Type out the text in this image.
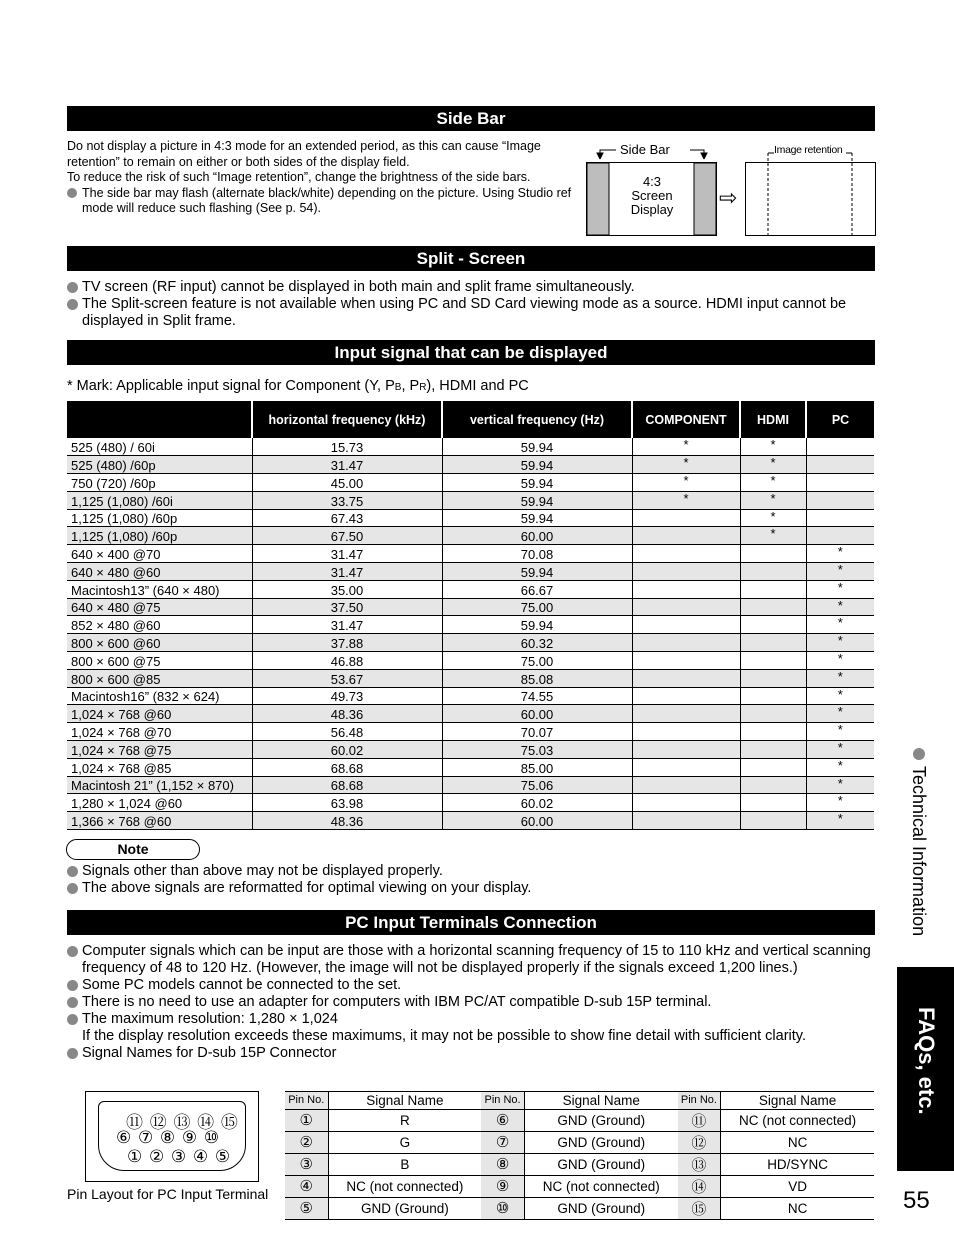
Side Bar
Do not display a picture in 4:3 mode for an extended period, as this can cause “Image retention” to remain on either or both sides of the display field.
To reduce the risk of such “Image retention”, change the brightness of the side bars.
The side bar may flash (alternate black/white) depending on the picture. Using Studio ref mode will reduce such flashing (See p. 54).
Side Bar
4:3
Screen
Display	⇨
Image retention
Split - Screen
TV screen (RF input) cannot be displayed in both main and split frame simultaneously.
The Split-screen feature is not available when using PC and SD Card viewing mode as a source. HDMI input cannot be displayed in Split frame.
Input signal that can be displayed
* Mark: Applicable input signal for Component (Y, PB, PR), HDMI and PC
	horizontal frequency (kHz)	vertical frequency (Hz)	COMPONENT	HDMI	PC
525 (480) / 60i	15.73	59.94	*	*	
525 (480) /60p	31.47	59.94	*	*	
750 (720) /60p	45.00	59.94	*	*	
1,125 (1,080) /60i	33.75	59.94	*	*	
1,125 (1,080) /60p	67.43	59.94		*	
1,125 (1,080) /60p	67.50	60.00		*	
640 × 400 @70	31.47	70.08			*
640 × 480 @60	31.47	59.94			*
Macintosh13” (640 × 480)	35.00	66.67			*
640 × 480 @75	37.50	75.00			*
852 × 480 @60	31.47	59.94			*
800 × 600 @60	37.88	60.32			*
800 × 600 @75	46.88	75.00			*
800 × 600 @85	53.67	85.08			*
Macintosh16” (832 × 624)	49.73	74.55			*
1,024 × 768 @60	48.36	60.00			*
1,024 × 768 @70	56.48	70.07			*
1,024 × 768 @75	60.02	75.03			*
1,024 × 768 @85	68.68	85.00			*
Macintosh 21” (1,152 × 870)	68.68	75.06			*
1,280 × 1,024 @60	63.98	60.02			*
1,366 × 768 @60	48.36	60.00			*
Note
Signals other than above may not be displayed properly.
The above signals are reformatted for optimal viewing on your display.
PC Input Terminals Connection
Computer signals which can be input are those with a horizontal scanning frequency of 15 to 110 kHz and vertical scanning frequency of 48 to 120 Hz. (However, the image will not be displayed properly if the signals exceed 1,200 lines.)
Some PC models cannot be connected to the set.
There is no need to use an adapter for computers with IBM PC/AT compatible D-sub 15P terminal.
The maximum resolution: 1,280 × 1,024
If the display resolution exceeds these maximums, it may not be possible to show fine detail with sufficient clarity.
Signal Names for D-sub 15P Connector
⑪ ⑫ ⑬ ⑭ ⑮
⑥ ⑦ ⑧ ⑨ ⑩
① ② ③ ④ ⑤
Pin Layout for PC Input Terminal
Pin No.	Signal Name	Pin No.	Signal Name	Pin No.	Signal Name
①	R	⑥	GND (Ground)	⑪	NC (not connected)
②	G	⑦	GND (Ground)	⑫	NC
③	B	⑧	GND (Ground)	⑬	HD/SYNC
④	NC (not connected)	⑨	NC (not connected)	⑭	VD
⑤	GND (Ground)	⑩	GND (Ground)	⑮	NC
Technical Information
FAQs, etc.
55
